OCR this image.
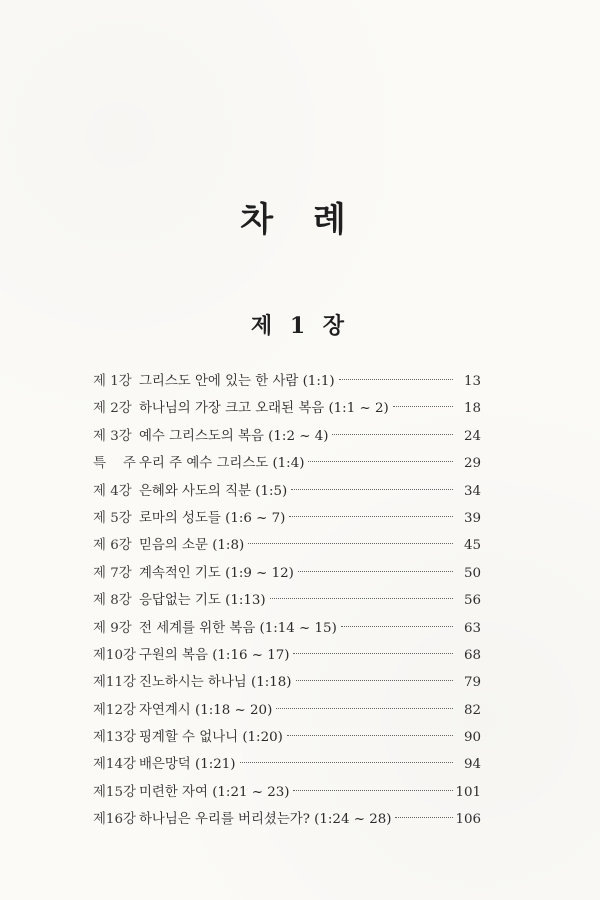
차 례
제 1 장
제 1강 그리스도 안에 있는 한 사람 (1:1)	13
제 2강 하나님의 가장 크고 오래된 복음 (1:1 ~ 2)	18
제 3강 예수 그리스도의 복음 (1:2 ~ 4)	24
특    주 우리 주 예수 그리스도 (1:4)	29
제 4강 은혜와 사도의 직분 (1:5)	34
제 5강 로마의 성도들 (1:6 ~ 7)	39
제 6강 믿음의 소문 (1:8)	45
제 7강 계속적인 기도 (1:9 ~ 12)	50
제 8강 응답없는 기도 (1:13)	56
제 9강 전 세계를 위한 복음 (1:14 ~ 15)	63
제10강 구원의 복음 (1:16 ~ 17)	68
제11강 진노하시는 하나님 (1:18)	79
제12강 자연계시 (1:18 ~ 20)	82
제13강 핑계할 수 없나니 (1:20)	90
제14강 배은망덕 (1:21)	94
제15강 미련한 자여 (1:21 ~ 23)	101
제16강 하나님은 우리를 버리셨는가? (1:24 ~ 28)	106
